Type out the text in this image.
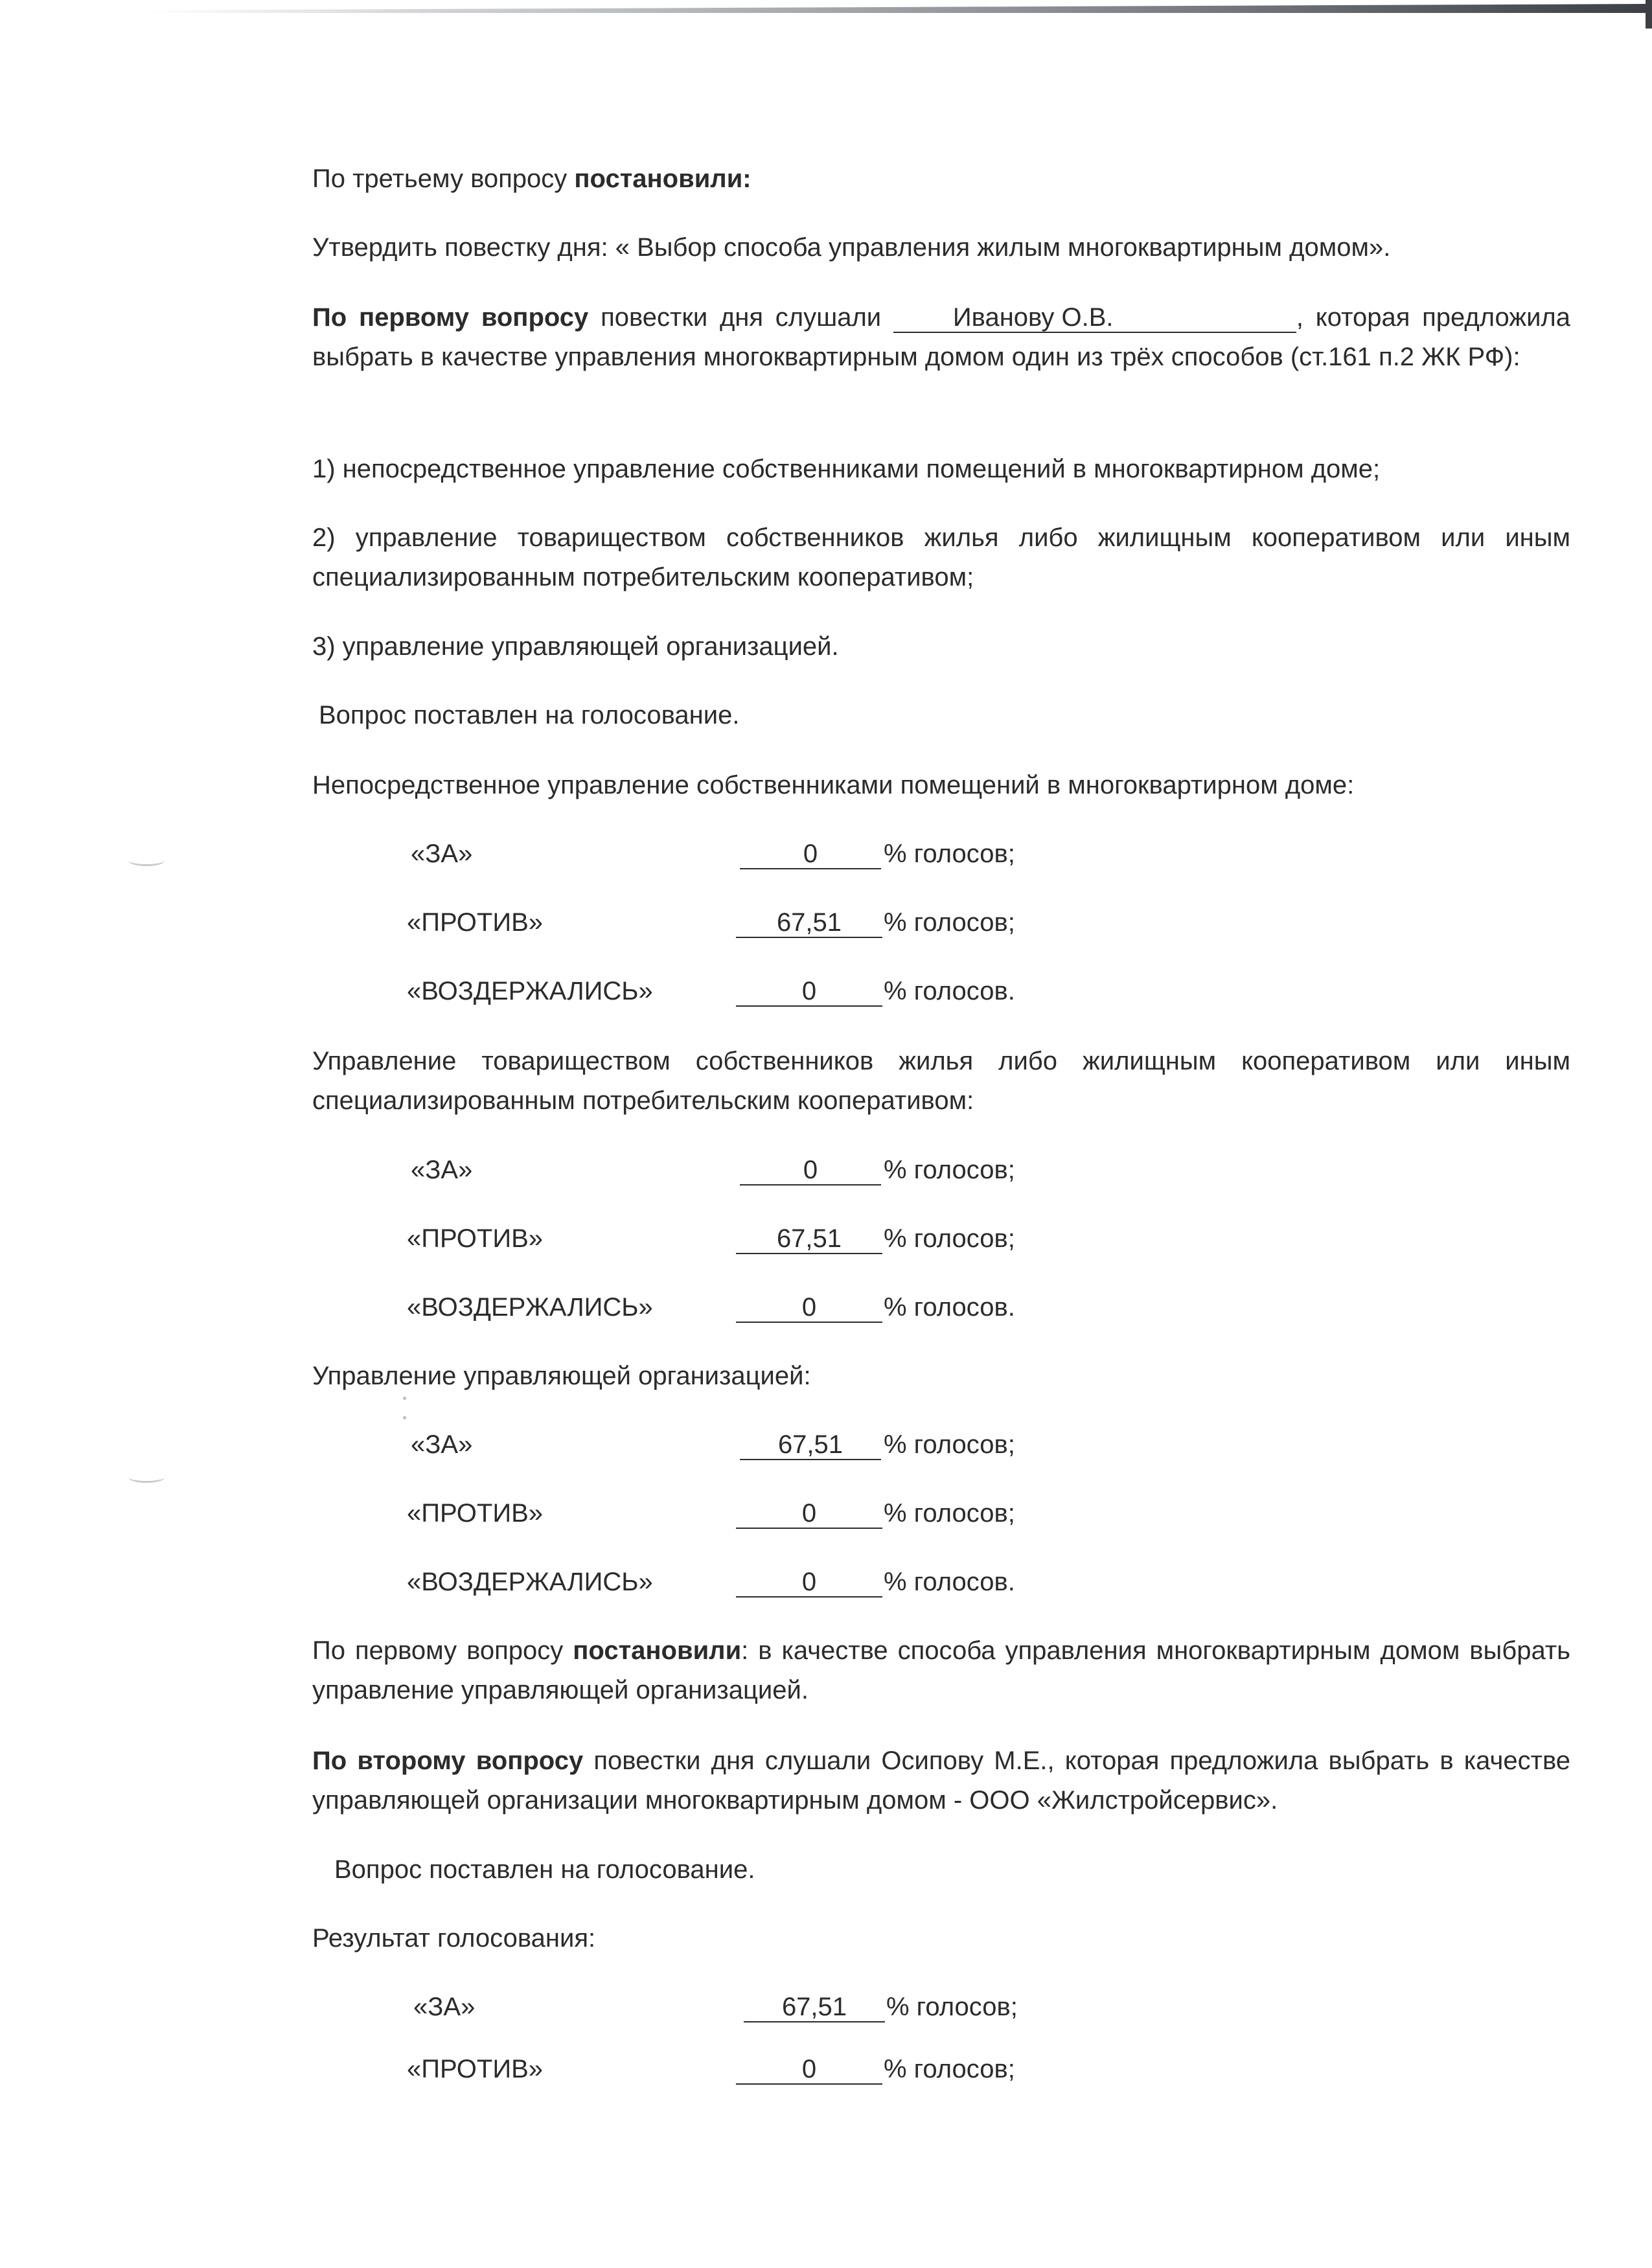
По третьему вопросу постановили:
Утвердить повестку дня: « Выбор способа управления жилым многоквартирным домом».
По первому вопросу повестки дня слушали Иванову О.В.	, которая предложила выбрать в качестве управления многоквартирным домом один из трёх способов (ст.161 п.2 ЖК РФ):
1) непосредственное управление собственниками помещений в многоквартирном доме;
2) управление товариществом собственников жилья либо жилищным кооперативом или иным специализированным потребительским кооперативом;
3) управление управляющей организацией.
Вопрос поставлен на голосование.
Непосредственное управление собственниками помещений в многоквартирном доме:
«ЗА»	0	% голосов;
«ПРОТИВ»	67,51	% голосов;
«ВОЗДЕРЖАЛИСЬ»	0	% голосов.
Управление товариществом собственников жилья либо жилищным кооперативом или иным специализированным потребительским кооперативом:
«ЗА»	0	% голосов;
«ПРОТИВ»	67,51	% голосов;
«ВОЗДЕРЖАЛИСЬ»	0	% голосов.
Управление управляющей организацией:
«ЗА»	67,51	% голосов;
«ПРОТИВ»	0	% голосов;
«ВОЗДЕРЖАЛИСЬ»	0	% голосов.
По первому вопросу постановили: в качестве способа управления многоквартирным домом выбрать управление управляющей организацией.
По второму вопросу повестки дня слушали Осипову М.Е., которая предложила выбрать в качестве управляющей организации многоквартирным домом - ООО «Жилстройсервис».
Вопрос поставлен на голосование.
Результат голосования:
«ЗА»	67,51	% голосов;
«ПРОТИВ»	0	% голосов;
